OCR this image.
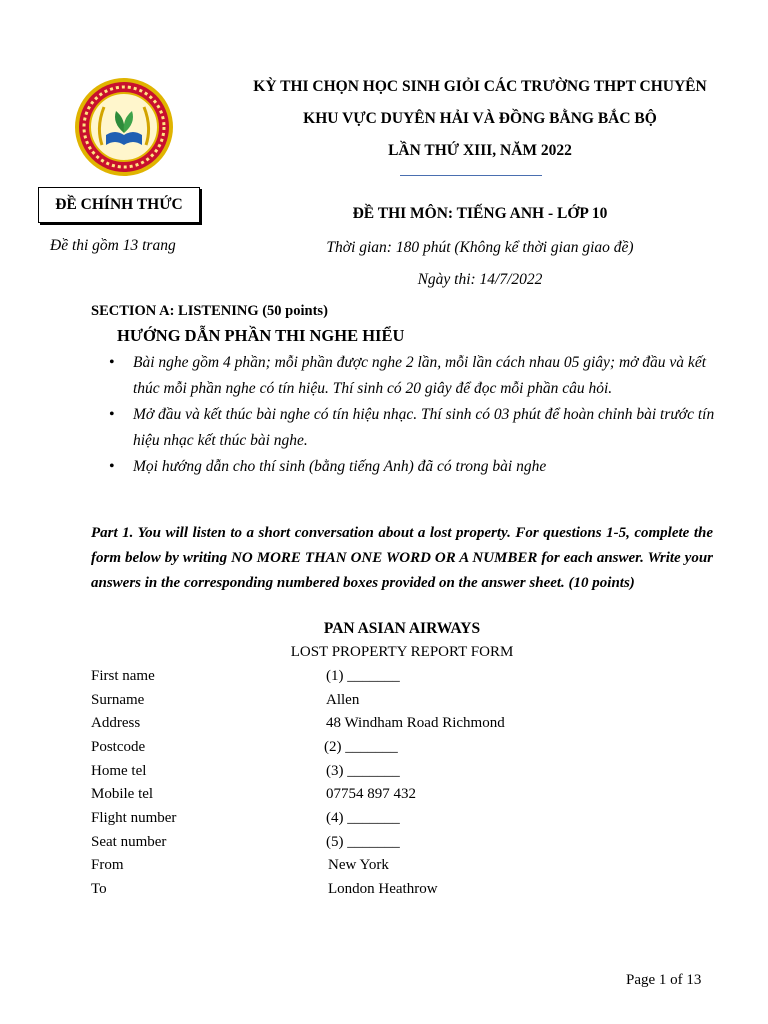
KỲ THI CHỌN HỌC SINH GIỎI CÁC TRƯỜNG THPT CHUYÊN
KHU VỰC DUYÊN HẢI VÀ ĐỒNG BẰNG BẮC BỘ
LẦN THỨ XIII, NĂM 2022
ĐỀ CHÍNH THỨC
Đề thi gồm 13 trang
ĐỀ THI MÔN: TIẾNG ANH - LỚP 10
Thời gian: 180 phút (Không kể thời gian giao đề)
Ngày thi: 14/7/2022
SECTION A: LISTENING (50 points)
HƯỚNG DẪN PHẦN THI NGHE HIỂU
• Bài nghe gồm 4 phần; mỗi phần được nghe 2 lần, mỗi lần cách nhau 05 giây; mở đầu và kết thúc mỗi phần nghe có tín hiệu. Thí sinh có 20 giây để đọc mỗi phần câu hỏi.
• Mở đầu và kết thúc bài nghe có tín hiệu nhạc. Thí sinh có 03 phút để hoàn chỉnh bài trước tín hiệu nhạc kết thúc bài nghe.
• Mọi hướng dẫn cho thí sinh (bằng tiếng Anh) đã có trong bài nghe

Part 1. You will listen to a short conversation about a lost property. For questions 1-5, complete the form below by writing NO MORE THAN ONE WORD OR A NUMBER for each answer. Write your answers in the corresponding numbered boxes provided on the answer sheet. (10 points)

PAN ASIAN AIRWAYS
LOST PROPERTY REPORT FORM
First name	(1) _______
Surname	Allen
Address	48 Windham Road Richmond
Postcode	(2) _______
Home tel	(3) _______
Mobile tel	07754 897 432
Flight number	(4) _______
Seat number	(5) _______
From	New York
To	London Heathrow
Page 1 of 13
